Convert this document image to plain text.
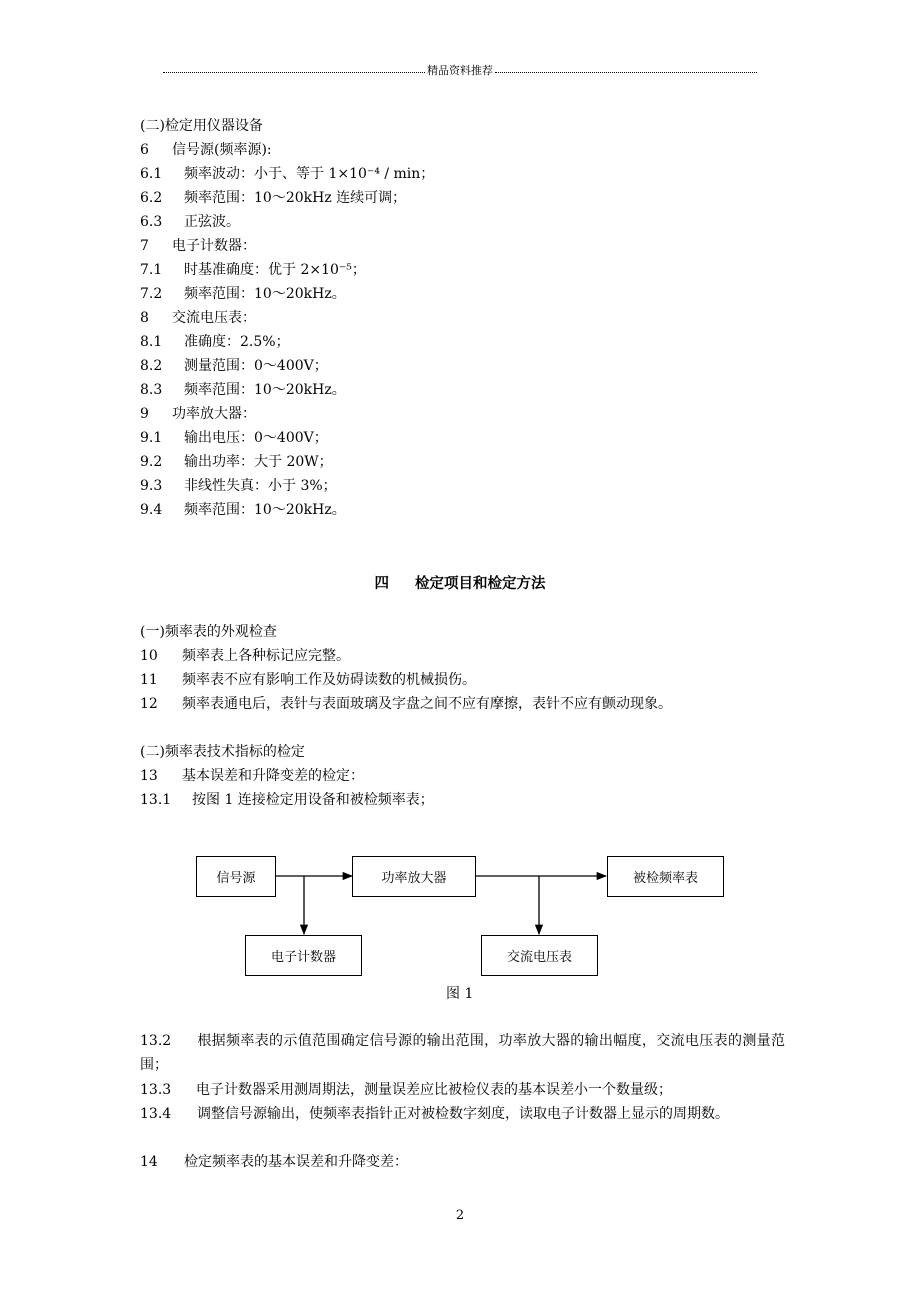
精品资料推荐
(二)检定用仪器设备
6 信号源(频率源):
6.1 频率波动：小于、等于 1×10⁻⁴ / min；
6.2 频率范围：10～20kHz 连续可调；
6.3 正弦波。
7 电子计数器：
7.1 时基准确度：优于 2×10⁻⁵；
7.2 频率范围：10～20kHz。
8 交流电压表：
8.1 准确度：2.5%；
8.2 测量范围：0～400V；
8.3 频率范围：10～20kHz。
9 功率放大器：
9.1 输出电压：0～400V；
9.2 输出功率：大于 20W；
9.3 非线性失真：小于 3%；
9.4 频率范围：10～20kHz。
四 检定项目和检定方法
(一)频率表的外观检查
10 频率表上各种标记应完整。
11 频率表不应有影响工作及妨碍读数的机械损伤。
12 频率表通电后，表针与表面玻璃及字盘之间不应有摩擦，表针不应有颤动现象。
(二)频率表技术指标的检定
13 基本误差和升降变差的检定：
13.1 按图 1 连接检定用设备和被检频率表；
信号源	功率放大器	被检频率表
电子计数器	交流电压表
图 1
13.2 根据频率表的示值范围确定信号源的输出范围，功率放大器的输出幅度，交流电压表的测量范围；
13.3 电子计数器采用测周期法，测量误差应比被检仪表的基本误差小一个数量级；
13.4 调整信号源输出，使频率表指针正对被检数字刻度，读取电子计数器上显示的周期数。
14 检定频率表的基本误差和升降变差：
2
